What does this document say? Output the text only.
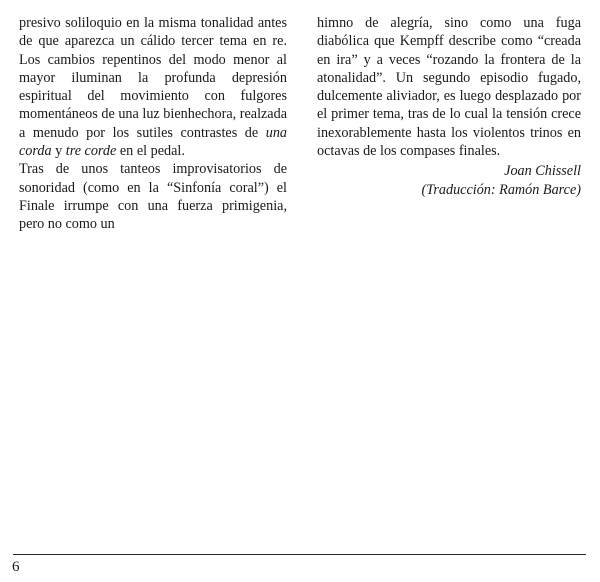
presivo soliloquio en la misma tonalidad antes de que aparezca un cálido tercer tema en re. Los cambios repentinos del modo menor al mayor iluminan la profunda depresión espiritual del movimiento con fulgores momentáneos de una luz bienhechora, realzada a menudo por los sutiles contrastes de una corda y tre corde en el pedal.

Tras de unos tanteos improvisatorios de sonoridad (como en la “Sinfonía coral”) el Finale irrumpe con una fuerza primigenia, pero no como un

himno de alegría, sino como una fuga diabólica que Kempff describe como “creada en ira” y a veces “rozando la frontera de la atonalidad”. Un segundo episodio fugado, dulcemente aliviador, es luego desplazado por el primer tema, tras de lo cual la tensión crece inexorablemente hasta los violentos trinos en octavas de los compases finales.

Joan Chissell
(Traducción: Ramón Barce)
6
